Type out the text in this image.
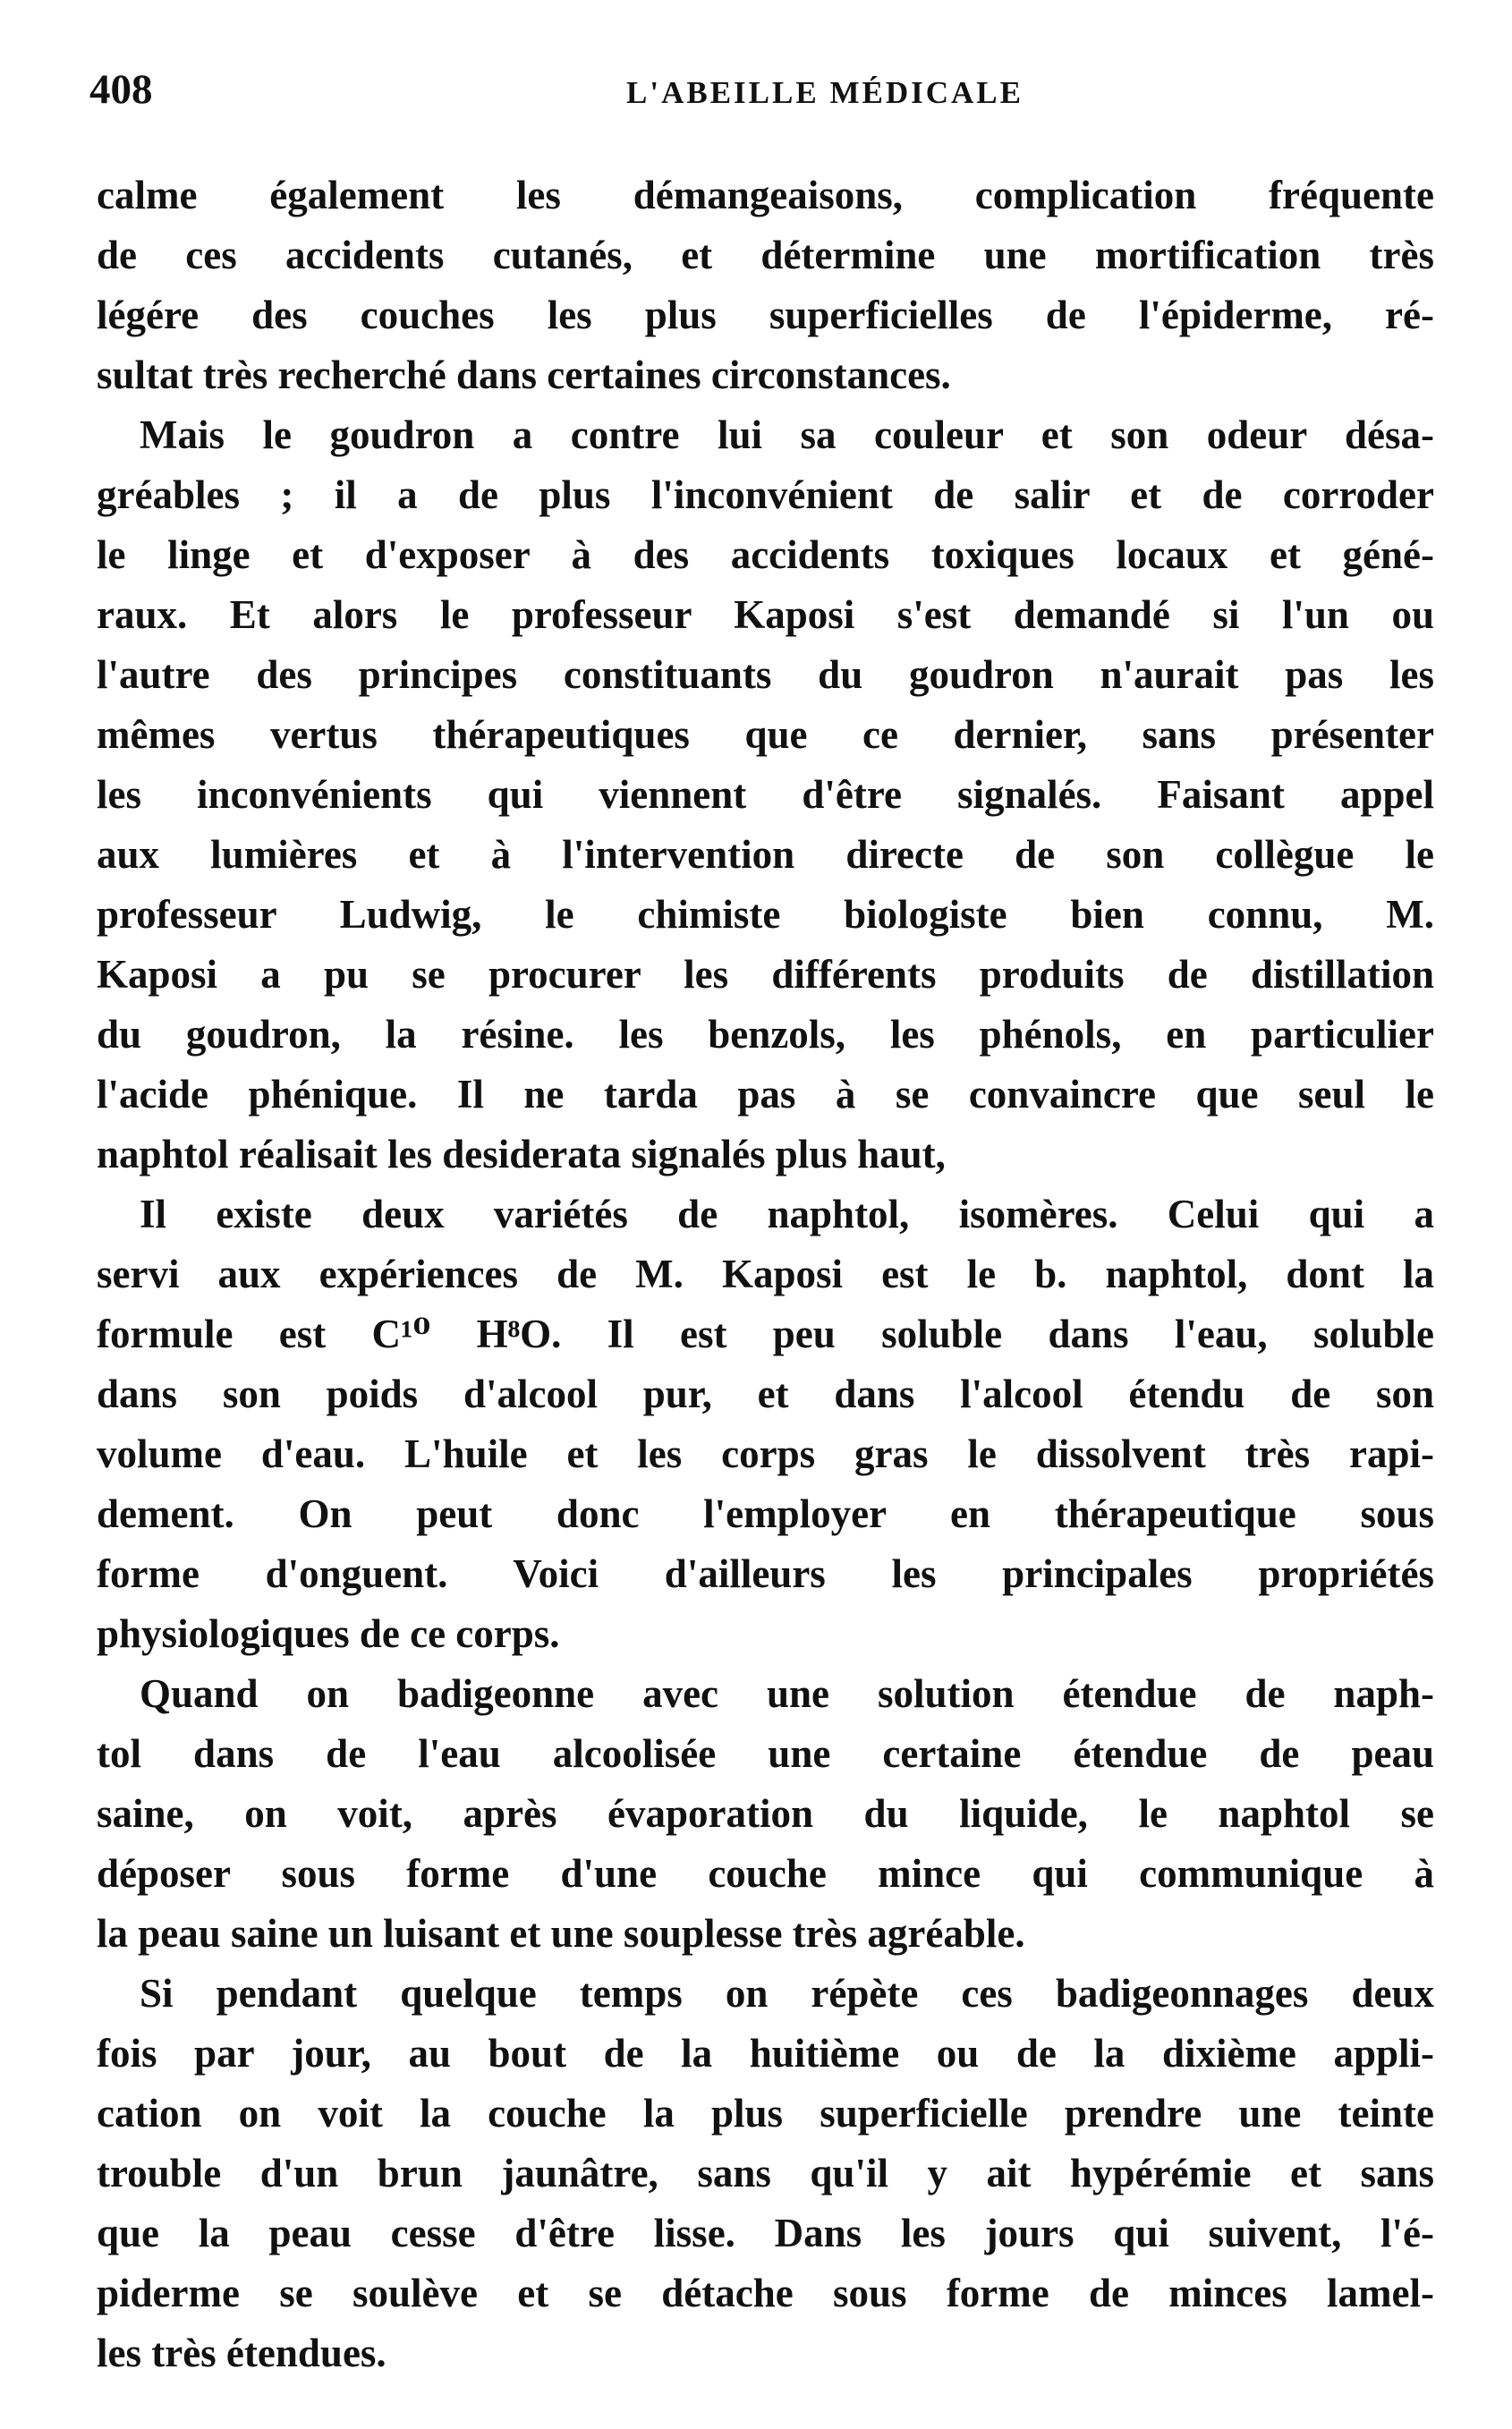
408	L'ABEILLE MÉDICALE
calme également les démangeaisons, complication fréquente
de ces accidents cutanés, et détermine une mortification très
légére des couches les plus superficielles de l'épiderme, ré-
sultat très recherché dans certaines circonstances.
Mais le goudron a contre lui sa couleur et son odeur désa-
gréables ; il a de plus l'inconvénient de salir et de corroder
le linge et d'exposer à des accidents toxiques locaux et géné-
raux. Et alors le professeur Kaposi s'est demandé si l'un ou
l'autre des principes constituants du goudron n'aurait pas les
mêmes vertus thérapeutiques que ce dernier, sans présenter
les inconvénients qui viennent d'être signalés. Faisant appel
aux lumières et à l'intervention directe de son collègue le
professeur Ludwig, le chimiste biologiste bien connu, M.
Kaposi a pu se procurer les différents produits de distillation
du goudron, la résine. les benzols, les phénols, en particulier
l'acide phénique. Il ne tarda pas à se convaincre que seul le
naphtol réalisait les desiderata signalés plus haut,
Il existe deux variétés de naphtol, isomères. Celui qui a
servi aux expériences de M. Kaposi est le b. naphtol, dont la
formule est C¹⁰ H⁸O. Il est peu soluble dans l'eau, soluble
dans son poids d'alcool pur, et dans l'alcool étendu de son
volume d'eau. L'huile et les corps gras le dissolvent très rapi-
dement. On peut donc l'employer en thérapeutique sous
forme d'onguent. Voici d'ailleurs les principales propriétés
physiologiques de ce corps.
Quand on badigeonne avec une solution étendue de naph-
tol dans de l'eau alcoolisée une certaine étendue de peau
saine, on voit, après évaporation du liquide, le naphtol se
déposer sous forme d'une couche mince qui communique à
la peau saine un luisant et une souplesse très agréable.
Si pendant quelque temps on répète ces badigeonnages deux
fois par jour, au bout de la huitième ou de la dixième appli-
cation on voit la couche la plus superficielle prendre une teinte
trouble d'un brun jaunâtre, sans qu'il y ait hypérémie et sans
que la peau cesse d'être lisse. Dans les jours qui suivent, l'é-
piderme se soulève et se détache sous forme de minces lamel-
les très étendues.
